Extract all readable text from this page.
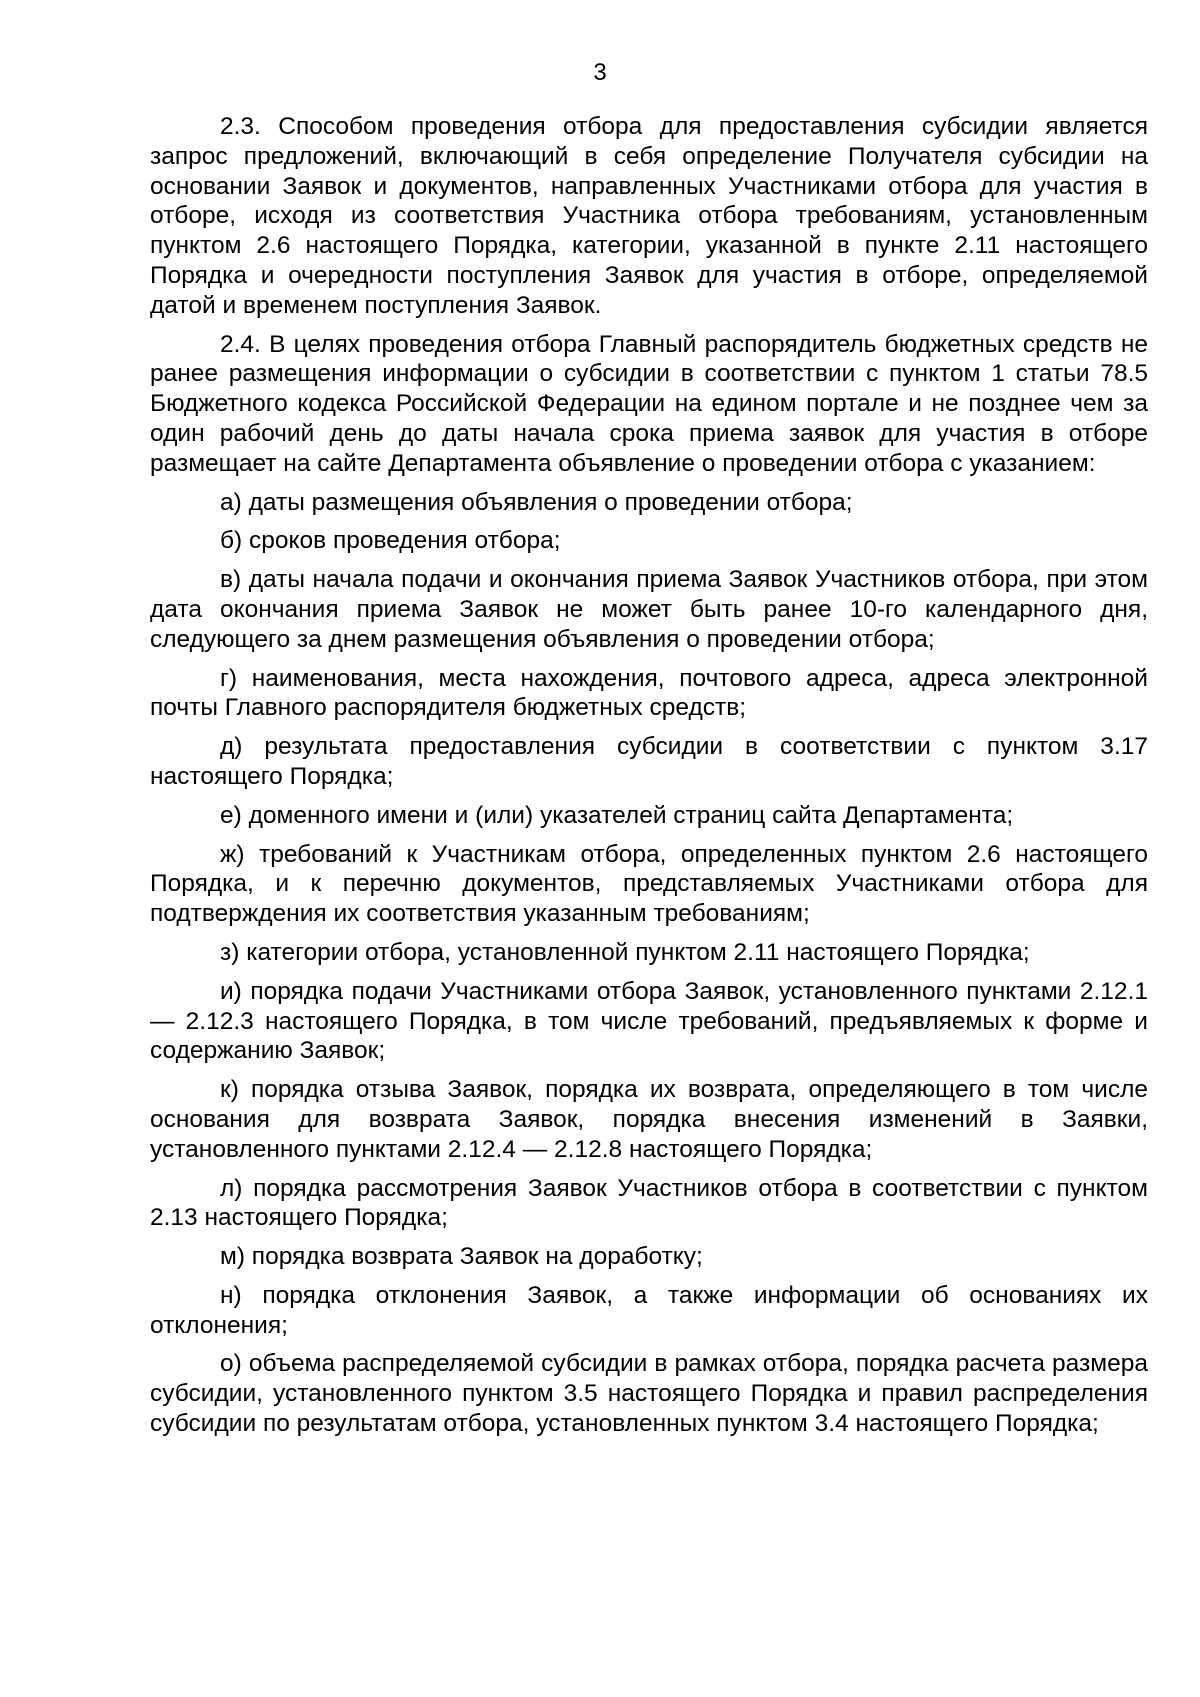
3

2.3. Способом проведения отбора для предоставления субсидии является запрос предложений, включающий в себя определение Получателя субсидии на основании Заявок и документов, направленных Участниками отбора для участия в отборе, исходя из соответствия Участника отбора требованиям, установленным пунктом 2.6 настоящего Порядка, категории, указанной в пункте 2.11 настоящего Порядка и очередности поступления Заявок для участия в отборе, определяемой датой и временем поступления Заявок.

2.4. В целях проведения отбора Главный распорядитель бюджетных средств не ранее размещения информации о субсидии в соответствии с пунктом 1 статьи 78.5 Бюджетного кодекса Российской Федерации на едином портале и не позднее чем за один рабочий день до даты начала срока приема заявок для участия в отборе размещает на сайте Департамента объявление о проведении отбора с указанием:

а) даты размещения объявления о проведении отбора;

б) сроков проведения отбора;

в) даты начала подачи и окончания приема Заявок Участников отбора, при этом дата окончания приема Заявок не может быть ранее 10-го календарного дня, следующего за днем размещения объявления о проведении отбора;

г) наименования, места нахождения, почтового адреса, адреса электронной почты Главного распорядителя бюджетных средств;

д) результата предоставления субсидии в соответствии с пунктом 3.17 настоящего Порядка;

е) доменного имени и (или) указателей страниц сайта Департамента;

ж) требований к Участникам отбора, определенных пунктом 2.6 настоящего Порядка, и к перечню документов, представляемых Участниками отбора для подтверждения их соответствия указанным требованиям;

з) категории отбора, установленной пунктом 2.11 настоящего Порядка;

и) порядка подачи Участниками отбора Заявок, установленного пунктами 2.12.1 — 2.12.3 настоящего Порядка, в том числе требований, предъявляемых к форме и содержанию Заявок;

к) порядка отзыва Заявок, порядка их возврата, определяющего в том числе основания для возврата Заявок, порядка внесения изменений в Заявки, установленного пунктами 2.12.4 — 2.12.8 настоящего Порядка;

л) порядка рассмотрения Заявок Участников отбора в соответствии с пунктом 2.13 настоящего Порядка;

м) порядка возврата Заявок на доработку;

н) порядка отклонения Заявок, а также информации об основаниях их отклонения;

о) объема распределяемой субсидии в рамках отбора, порядка расчета размера субсидии, установленного пунктом 3.5 настоящего Порядка и правил распределения субсидии по результатам отбора, установленных пунктом 3.4 настоящего Порядка;
